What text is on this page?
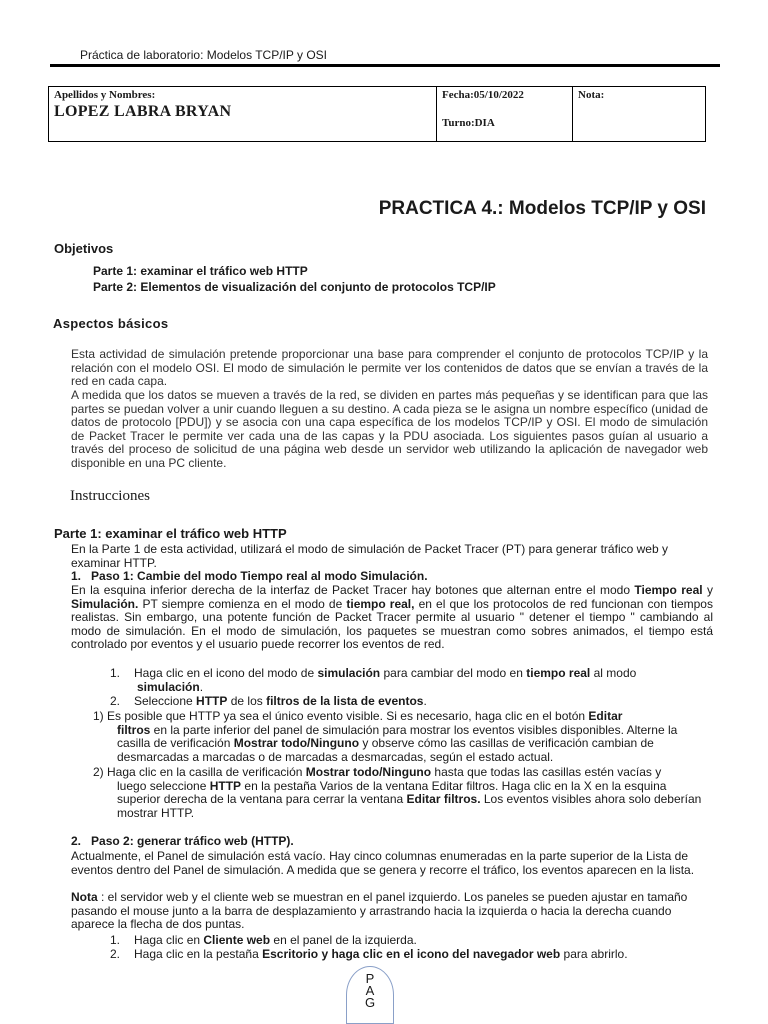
Práctica de laboratorio: Modelos TCP/IP y OSI
Apellidos y Nombres:
LOPEZ LABRA BRYAN

Fecha:05/10/2022
Turno:DIA

Nota:
PRACTICA 4.: Modelos TCP/IP y OSI
Objetivos
Parte 1: examinar el tráfico web HTTP
Parte 2: Elementos de visualización del conjunto de protocolos TCP/IP
Aspectos básicos
Esta actividad de simulación pretende proporcionar una base para comprender el conjunto de protocolos TCP/IP y la relación con el modelo OSI. El modo de simulación le permite ver los contenidos de datos que se envían a través de la red en cada capa.
A medida que los datos se mueven a través de la red, se dividen en partes más pequeñas y se identifican para que las partes se puedan volver a unir cuando lleguen a su destino. A cada pieza se le asigna un nombre específico (unidad de datos de protocolo [PDU]) y se asocia con una capa específica de los modelos TCP/IP y OSI. El modo de simulación de Packet Tracer le permite ver cada una de las capas y la PDU asociada. Los siguientes pasos guían al usuario a través del proceso de solicitud de una página web desde un servidor web utilizando la aplicación de navegador web disponible en una PC cliente.
Instrucciones
Parte 1: examinar el tráfico web HTTP
En la Parte 1 de esta actividad, utilizará el modo de simulación de Packet Tracer (PT) para generar tráfico web y examinar HTTP.
1. Paso 1: Cambie del modo Tiempo real al modo Simulación.
En la esquina inferior derecha de la interfaz de Packet Tracer hay botones que alternan entre el modo Tiempo real y Simulación. PT siempre comienza en el modo de tiempo real, en el que los protocolos de red funcionan con tiempos realistas. Sin embargo, una potente función de Packet Tracer permite al usuario " detener el tiempo " cambiando al modo de simulación. En el modo de simulación, los paquetes se muestran como sobres animados, el tiempo está controlado por eventos y el usuario puede recorrer los eventos de red.
1. Haga clic en el icono del modo de simulación para cambiar del modo en tiempo real al modo
simulación.
2. Seleccione HTTP de los filtros de la lista de eventos.
1) Es posible que HTTP ya sea el único evento visible. Si es necesario, haga clic en el botón Editar
filtros en la parte inferior del panel de simulación para mostrar los eventos visibles disponibles. Alterne la casilla de verificación Mostrar todo/Ninguno y observe cómo las casillas de verificación cambian de desmarcadas a marcadas o de marcadas a desmarcadas, según el estado actual.
2) Haga clic en la casilla de verificación Mostrar todo/Ninguno hasta que todas las casillas estén vacías y
luego seleccione HTTP en la pestaña Varios de la ventana Editar filtros. Haga clic en la X en la esquina superior derecha de la ventana para cerrar la ventana Editar filtros. Los eventos visibles ahora solo deberían mostrar HTTP.
2. Paso 2: generar tráfico web (HTTP).
Actualmente, el Panel de simulación está vacío. Hay cinco columnas enumeradas en la parte superior de la Lista de eventos dentro del Panel de simulación. A medida que se genera y recorre el tráfico, los eventos aparecen en la lista.
Nota : el servidor web y el cliente web se muestran en el panel izquierdo. Los paneles se pueden ajustar en tamaño pasando el mouse junto a la barra de desplazamiento y arrastrando hacia la izquierda o hacia la derecha cuando aparece la flecha de dos puntas.
1. Haga clic en Cliente web en el panel de la izquierda.
2. Haga clic en la pestaña Escritorio y haga clic en el icono del navegador web para abrirlo.
P
A
G
